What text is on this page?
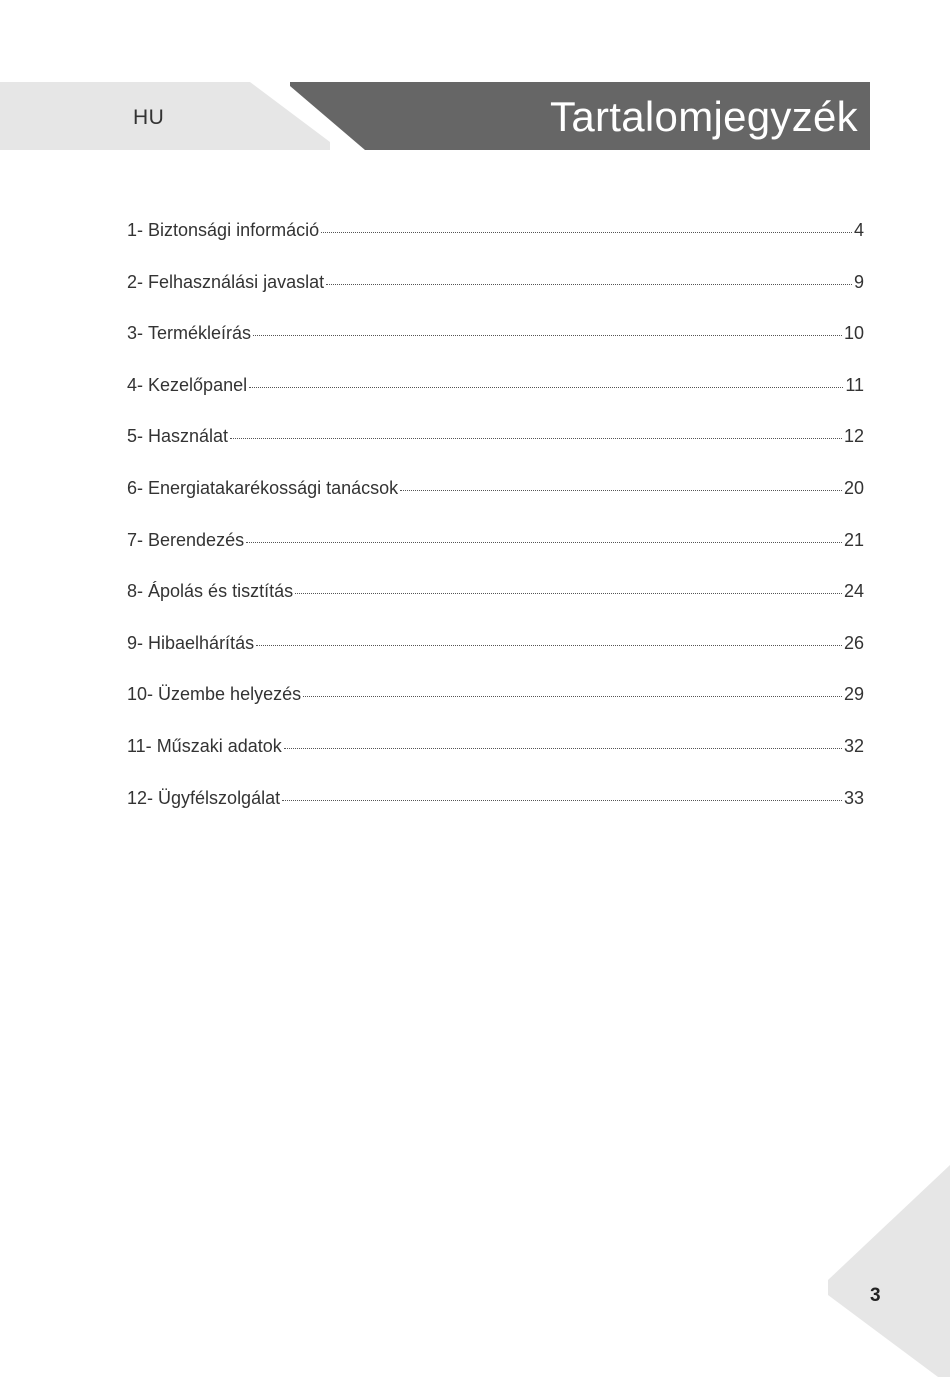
HU	Tartalomjegyzék
1- Biztonsági információ	4
2- Felhasználási javaslat	9
3- Termékleírás	10
4- Kezelőpanel	11
5- Használat	12
6- Energiatakarékossági tanácsok	20
7- Berendezés	21
8- Ápolás és tisztítás	24
9- Hibaelhárítás	26
10- Üzembe helyezés	29
11- Műszaki adatok	32
12- Ügyfélszolgálat	33
3
